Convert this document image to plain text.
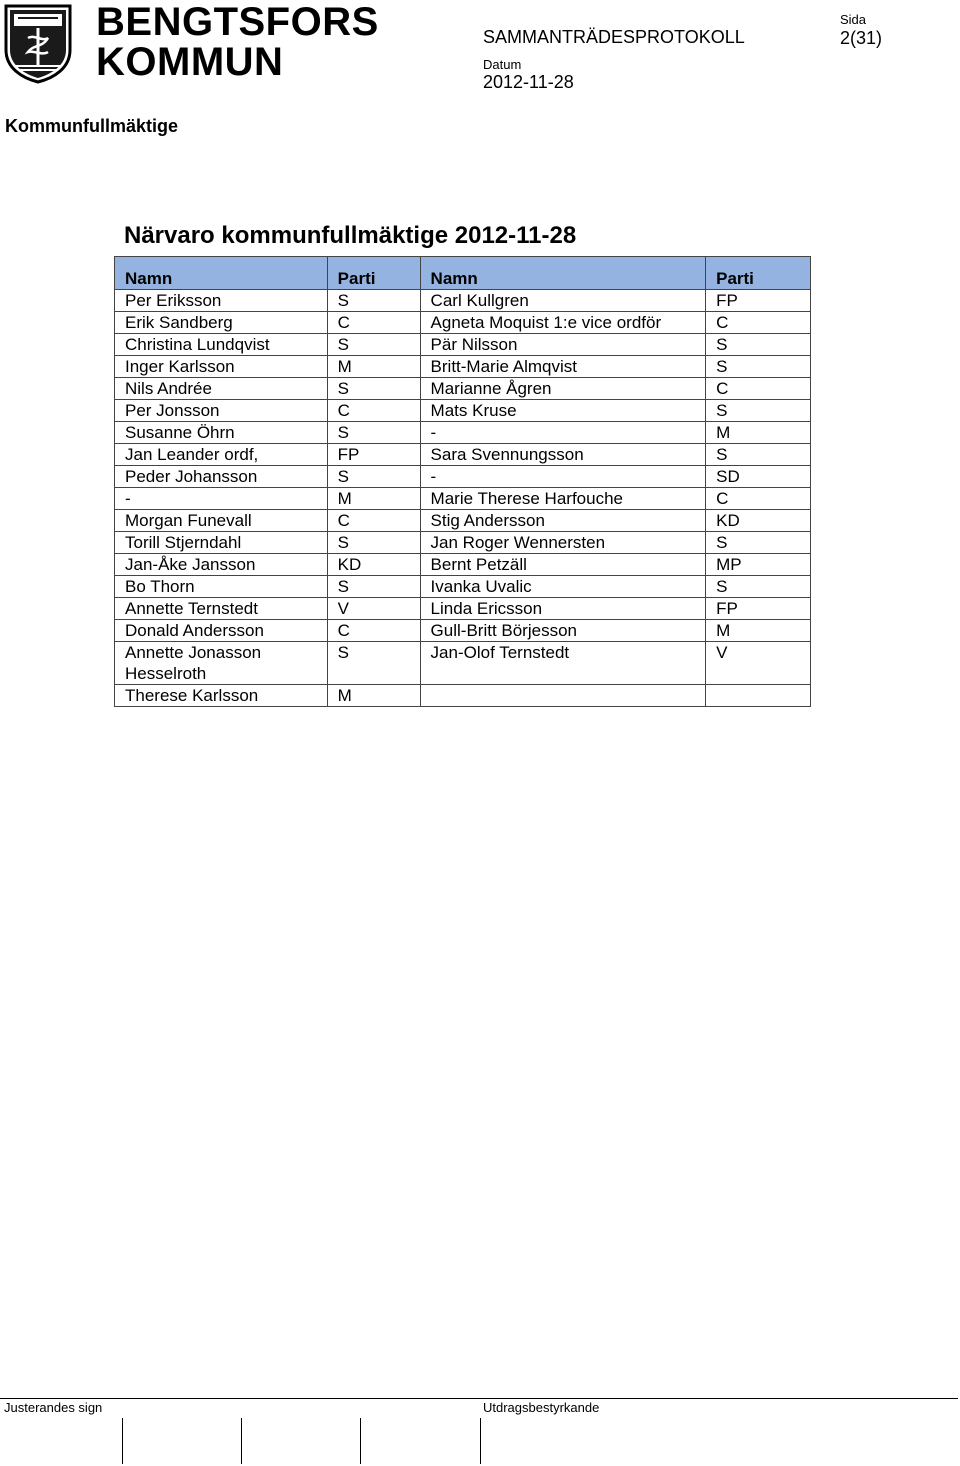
BENGTSFORS
KOMMUN
SAMMANTRÄDESPROTOKOLL
Sida
2(31)
Datum
2012-11-28
Kommunfullmäktige
Närvaro kommunfullmäktige 2012-11-28
Namn	Parti	Namn	Parti
Per Eriksson	S	Carl Kullgren	FP
Erik Sandberg	C	Agneta Moquist 1:e vice ordför	C
Christina Lundqvist	S	Pär Nilsson	S
Inger Karlsson	M	Britt-Marie Almqvist	S
Nils Andrée	S	Marianne Ågren	C
Per Jonsson	C	Mats Kruse	S
Susanne Öhrn	S	-	M
Jan Leander ordf,	FP	Sara Svennungsson	S
Peder Johansson	S	-	SD
-	M	Marie Therese Harfouche	C
Morgan Funevall	C	Stig Andersson	KD
Torill Stjerndahl	S	Jan Roger Wennersten	S
Jan-Åke Jansson	KD	Bernt Petzäll	MP
Bo Thorn	S	Ivanka Uvalic	S
Annette Ternstedt	V	Linda Ericsson	FP
Donald Andersson	C	Gull-Britt Börjesson	M
Annette Jonasson Hesselroth	S	Jan-Olof Ternstedt	V
Therese Karlsson	M		
Justerandes sign	Utdragsbestyrkande
